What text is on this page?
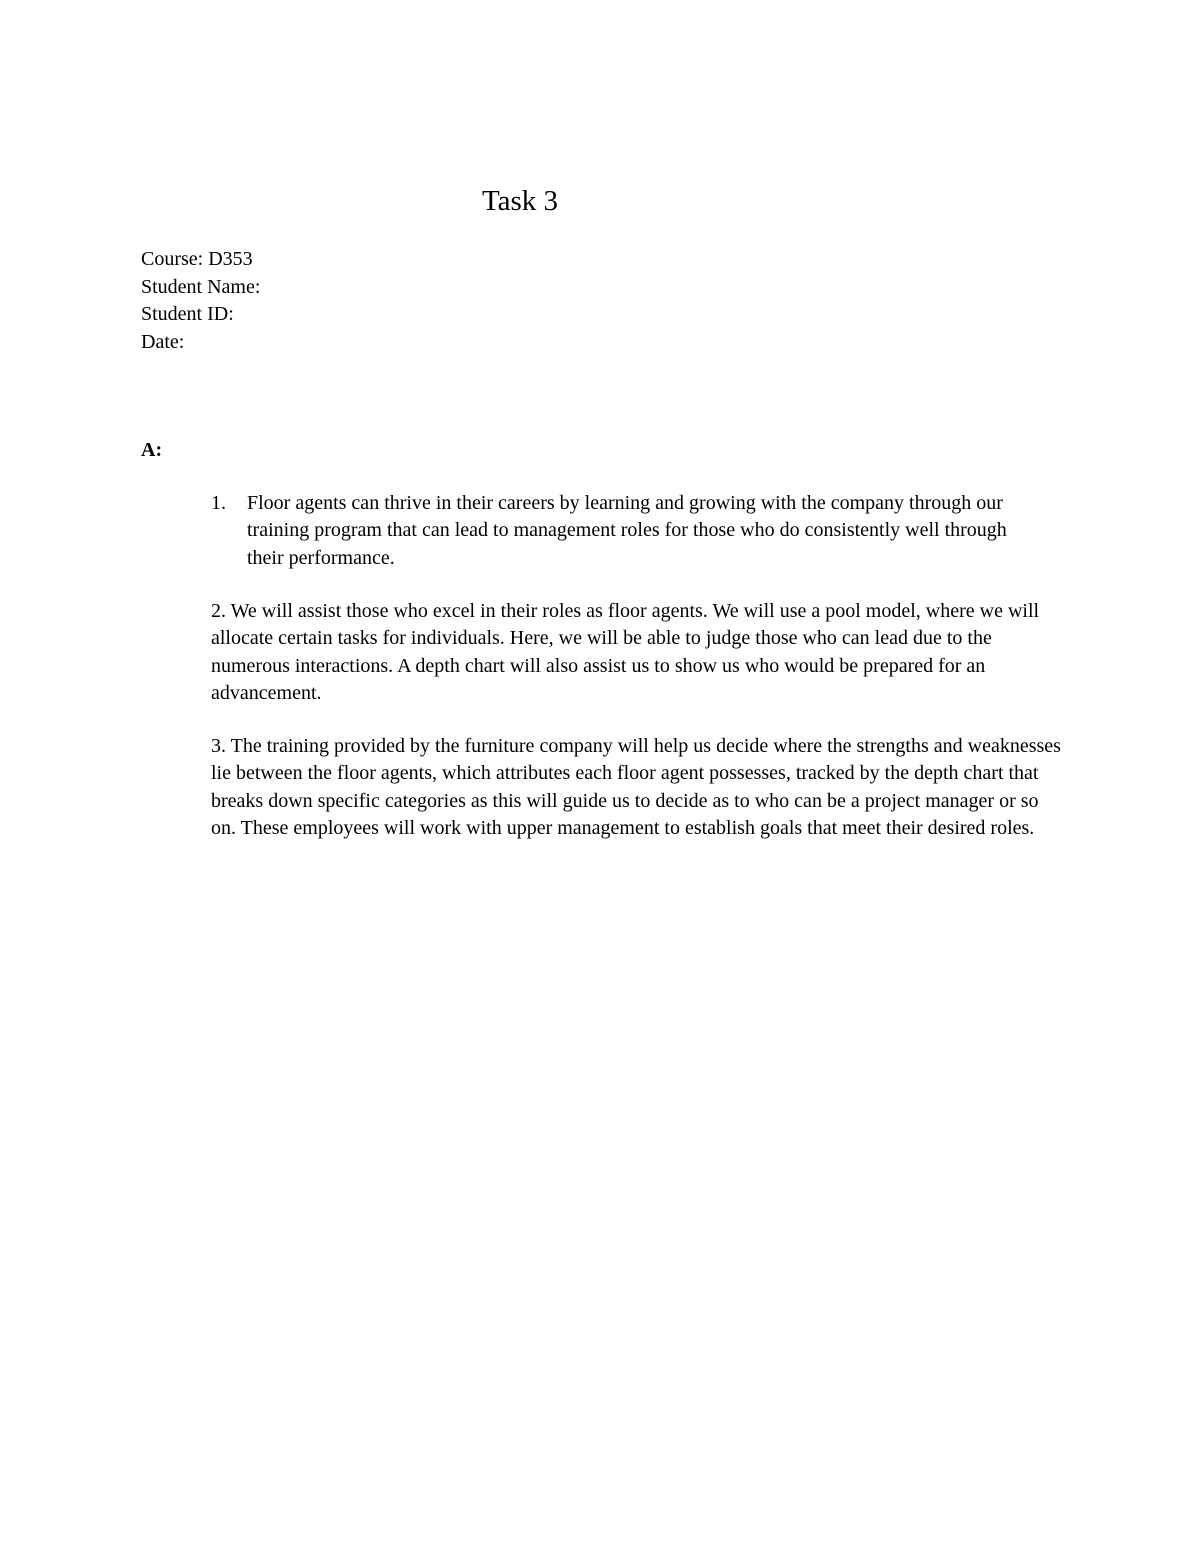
Task 3
Course: D353
Student Name:
Student ID:
Date:
A:
1.	Floor agents can thrive in their careers by learning and growing with the company through our training program that can lead to management roles for those who do consistently well through their performance.
2. We will assist those who excel in their roles as floor agents. We will use a pool model, where we will allocate certain tasks for individuals. Here, we will be able to judge those who can lead due to the numerous interactions. A depth chart will also assist us to show us who would be prepared for an advancement.
3. The training provided by the furniture company will help us decide where the strengths and weaknesses lie between the floor agents, which attributes each floor agent possesses, tracked by the depth chart that breaks down specific categories as this will guide us to decide as to who can be a project manager or so on. These employees will work with upper management to establish goals that meet their desired roles.
